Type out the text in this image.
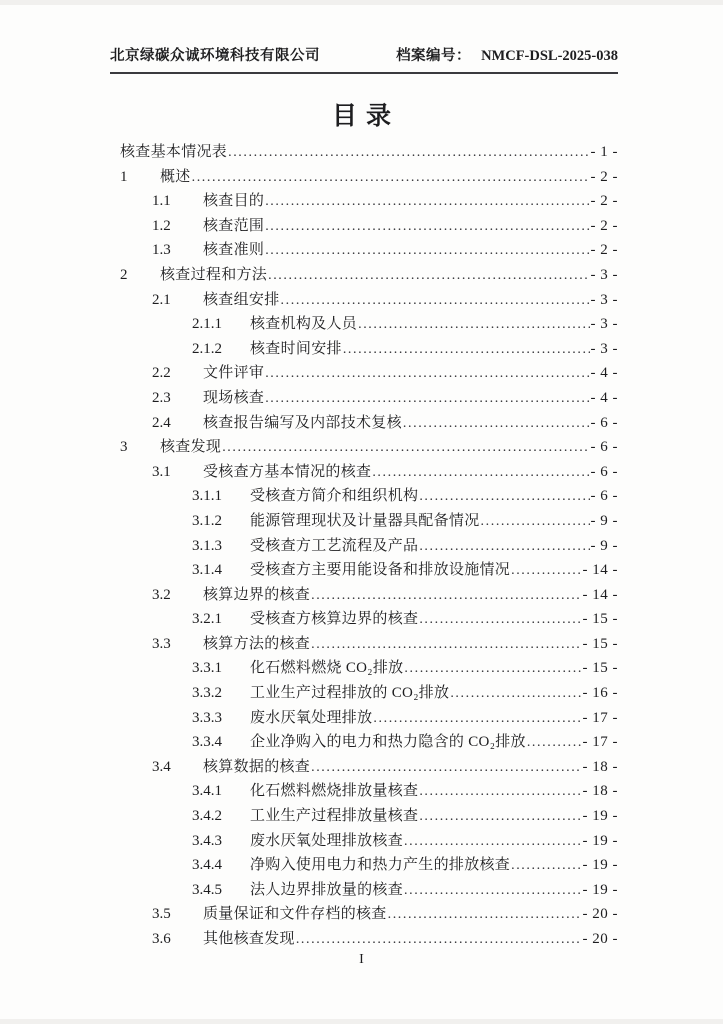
北京绿碳众诚环境科技有限公司	档案编号： NMCF-DSL-2025-038
目录
核查基本情况表 .....	- 1 -
1	概述 .....	- 2 -
1.1	核查目的 .....	- 2 -
1.2	核查范围 .....	- 2 -
1.3	核查准则 .....	- 2 -
2	核查过程和方法 .....	- 3 -
2.1	核查组安排 .....	- 3 -
2.1.1	核查机构及人员 .....	- 3 -
2.1.2	核查时间安排 .....	- 3 -
2.2	文件评审 .....	- 4 -
2.3	现场核查 .....	- 4 -
2.4	核查报告编写及内部技术复核 .....	- 6 -
3	核查发现 .....	- 6 -
3.1	受核查方基本情况的核查 .....	- 6 -
3.1.1	受核查方简介和组织机构 .....	- 6 -
3.1.2	能源管理现状及计量器具配备情况 .....	- 9 -
3.1.3	受核查方工艺流程及产品 .....	- 9 -
3.1.4	受核查方主要用能设备和排放设施情况 .....	- 14 -
3.2	核算边界的核查 .....	- 14 -
3.2.1	受核查方核算边界的核查 .....	- 15 -
3.3	核算方法的核查 .....	- 15 -
3.3.1	化石燃料燃烧 CO₂排放 .....	- 15 -
3.3.2	工业生产过程排放的 CO₂排放 .....	- 16 -
3.3.3	废水厌氧处理排放 .....	- 17 -
3.3.4	企业净购入的电力和热力隐含的 CO₂排放 .....	- 17 -
3.4	核算数据的核查 .....	- 18 -
3.4.1	化石燃料燃烧排放量核查 .....	- 18 -
3.4.2	工业生产过程排放量核查 .....	- 19 -
3.4.3	废水厌氧处理排放核查 .....	- 19 -
3.4.4	净购入使用电力和热力产生的排放核查 .....	- 19 -
3.4.5	法人边界排放量的核查 .....	- 19 -
3.5	质量保证和文件存档的核查 .....	- 20 -
3.6	其他核查发现 .....	- 20 -
I
